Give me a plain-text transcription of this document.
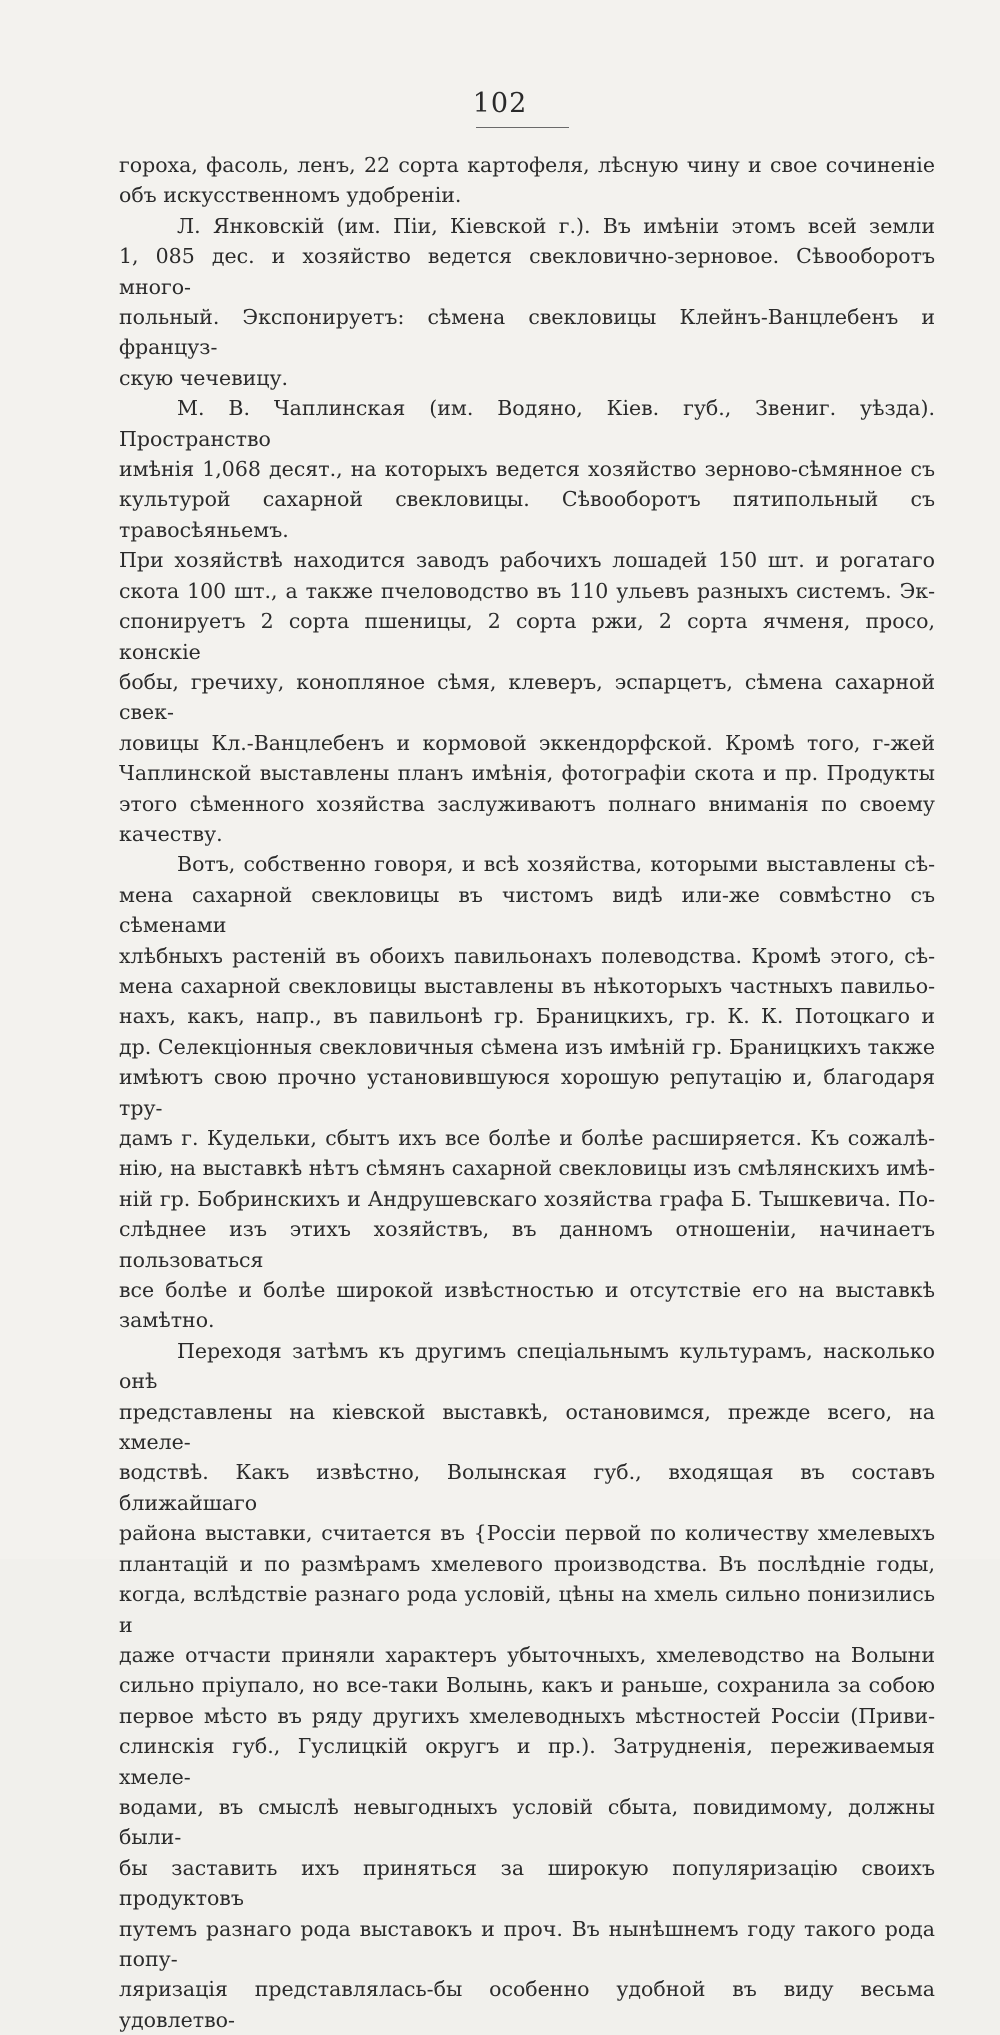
102

гороха, фасоль, ленъ, 22 сорта картофеля, лѣсную чину и свое сочиненіе

объ искусственномъ удобреніи.

Л. Янковскій (им. Піи, Кіевской г.). Въ имѣніи этомъ всей земли

1, 085 дес. и хозяйство ведется свекловично-зерновое. Сѣвооборотъ много-

польный. Экспонируетъ: сѣмена свекловицы Клейнъ-Ванцлебенъ и француз-

скую чечевицу.

М. В. Чаплинская (им. Водяно, Кіев. губ., Звениг. уѣзда). Пространство

имѣнія 1,068 десят., на которыхъ ведется хозяйство зерново-сѣмянное съ

культурой сахарной свекловицы. Сѣвооборотъ пятипольный съ травосѣяньемъ.

При хозяйствѣ находится заводъ рабочихъ лошадей 150 шт. и рогатаго

скота 100 шт., а также пчеловодство въ 110 ульевъ разныхъ системъ. Эк-

спонируетъ 2 сорта пшеницы, 2 сорта ржи, 2 сорта ячменя, просо, конскіе

бобы, гречиху, конопляное сѣмя, клеверъ, эспарцетъ, сѣмена сахарной свек-

ловицы Кл.-Ванцлебенъ и кормовой эккендорфской. Кромѣ того, г-жей

Чаплинской выставлены планъ имѣнія, фотографіи скота и пр. Продукты

этого сѣменного хозяйства заслуживаютъ полнаго вниманія по своему качеству.

Вотъ, собственно говоря, и всѣ хозяйства, которыми выставлены сѣ-

мена сахарной свекловицы въ чистомъ видѣ или-же совмѣстно съ сѣменами

хлѣбныхъ растеній въ обоихъ павильонахъ полеводства. Кромѣ этого, сѣ-

мена сахарной свекловицы выставлены въ нѣкоторыхъ частныхъ павильо-

нахъ, какъ, напр., въ павильонѣ гр. Браницкихъ, гр. К. К. Потоцкаго и

др. Селекціонныя свекловичныя сѣмена изъ имѣній гр. Браницкихъ также

имѣютъ свою прочно установившуюся хорошую репутацію и, благодаря тру-

дамъ г. Кудельки, сбытъ ихъ все болѣе и болѣе расширяется. Къ сожалѣ-

нію, на выставкѣ нѣтъ сѣмянъ сахарной свекловицы изъ смѣлянскихъ имѣ-

ній гр. Бобринскихъ и Андрушевскаго хозяйства графа Б. Тышкевича. По-

слѣднее изъ этихъ хозяйствъ, въ данномъ отношеніи, начинаетъ пользоваться

все болѣе и болѣе широкой извѣстностью и отсутствіе его на выставкѣ

замѣтно.

Переходя затѣмъ къ другимъ спеціальнымъ культурамъ, насколько онѣ

представлены на кіевской выставкѣ, остановимся, прежде всего, на хмеле-

водствѣ. Какъ извѣстно, Волынская губ., входящая въ составъ ближайшаго

района выставки, считается въ {Россіи первой по количеству хмелевыхъ

плантацій и по размѣрамъ хмелевого производства. Въ послѣдніе годы,

когда, вслѣдствіе разнаго рода условій, цѣны на хмель сильно понизились и

даже отчасти приняли характеръ убыточныхъ, хмелеводство на Волыни

сильно пріупало, но все-таки Волынь, какъ и раньше, сохранила за собою

первое мѣсто въ ряду другихъ хмелеводныхъ мѣстностей Россіи (Приви-

слинскія губ., Гуслицкій округъ и пр.). Затрудненія, переживаемыя хмеле-

водами, въ смыслѣ невыгодныхъ условій сбыта, повидимому, должны были-

бы заставить ихъ приняться за широкую популяризацію своихъ продуктовъ

путемъ разнаго рода выставокъ и проч. Въ нынѣшнемъ году такого рода попу-

ляризація представлялась-бы особенно удобной въ виду весьма удовлетво-
